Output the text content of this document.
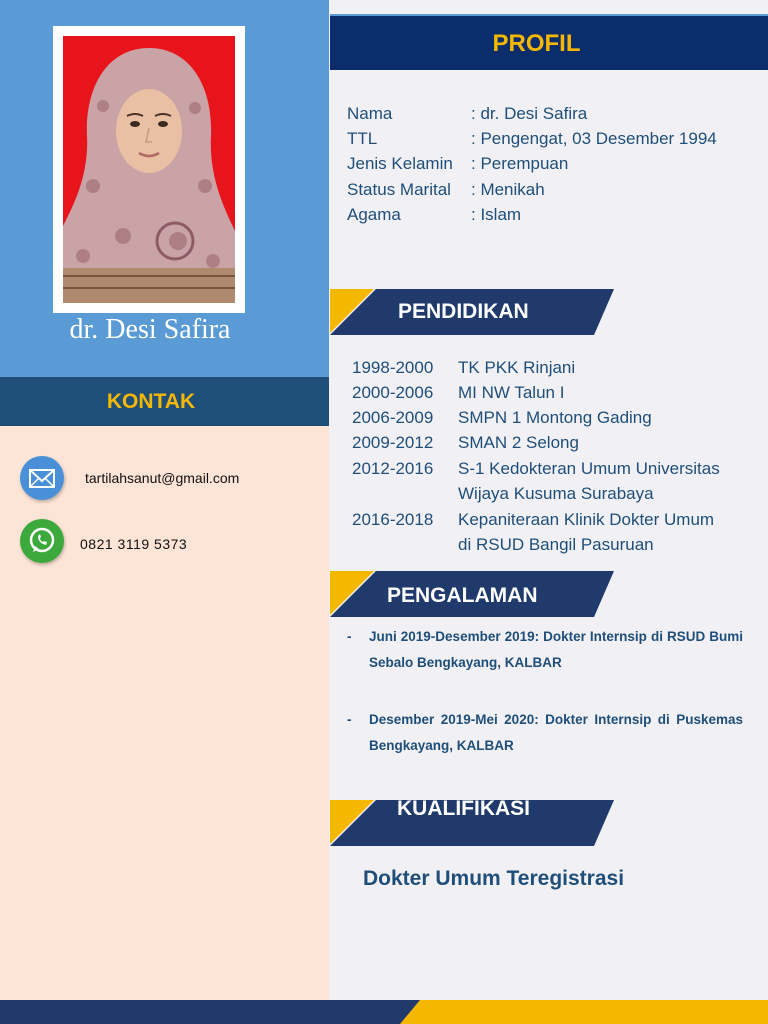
dr. Desi Safira
KONTAK
tartilahsanut@gmail.com
0821 3119 5373
PROFIL
Nama	: dr. Desi Safira
TTL	: Pengengat, 03 Desember 1994
Jenis Kelamin : Perempuan
Status Marital : Menikah
Agama	: Islam
PENDIDIKAN
1998-2000 TK PKK Rinjani
2000-2006 MI NW Talun I
2006-2009 SMPN 1 Montong Gading
2009-2012 SMAN 2 Selong
2012-2016 S-1 Kedokteran Umum Universitas
Wijaya Kusuma Surabaya
2016-2018 Kepaniteraan Klinik Dokter Umum
di RSUD Bangil Pasuruan
PENGALAMAN
- Juni 2019-Desember 2019: Dokter Internsip di RSUD Bumi Sebalo Bengkayang, KALBAR
- Desember 2019-Mei 2020: Dokter Internsip di Puskemas Bengkayang, KALBAR
KUALIFIKASI
Dokter Umum Teregistrasi
